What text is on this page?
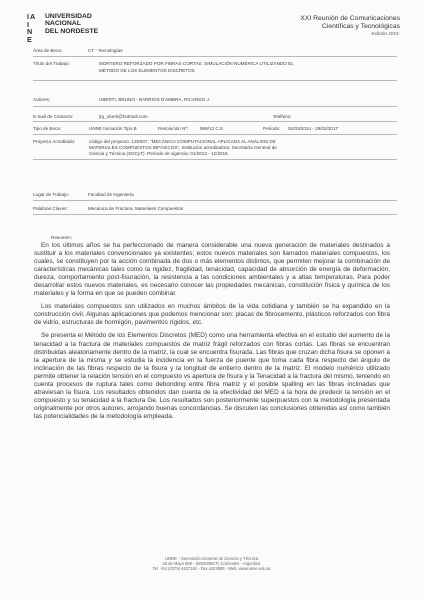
IA
I
N
E
UNIVERSIDAD
NACIONAL
DEL NORDESTE
XXI Reunión de Comunicaciones
Científicas y Tecnológicas
-Edición 2015-
Área de Beca:	CT - Tecnologías
Título del Trabajo:	MORTERO REFORZADO POR FIBRAS CORTAS: SIMULACIÓN NUMÉRICA UTILIZANDO EL
MÉTODO DE LOS ELEMENTOS DISCRETOS
Autores:	UBERTI, BRUNO - BARRIOS D'AMBRA, RICARDO J.
E-mail de Contacto:	jrg_uberti@hotmail.com	Teléfono:
Tipo de Beca:	UNNE Iniciación Tipo B	Resolución Nº:	986/13 C.S	Período: 01/03/2014 - 28/02/2017
Proyecto Acreditado:	código del proyecto: 12D007, "MECÁNICA COMPUTACIONAL APLICADA AL ANÁLISIS DE
MATERIALES COMPUESTOS BIFÁSICOS", Institución acreditadora: Secretaría General de
Ciencia y Técnica (SGCyT). Período de vigencia: 01/2013 - 12/2016.
Lugar de Trabajo:	Facultad de Ingeniería
Palabras Claves:	Mecánica de Fractura, Materiales Compuestos
Resumen:

En los últimos años se ha perfeccionado de manera considerable una nueva generación de materiales destinados a sustituir a los materiales convencionales ya existentes; estos nuevos materiales son llamados materiales compuestos, los cuales, se constituyen por la acción combinada de dos o más elementos distintos, que permiten mejorar la combinación de características mecánicas tales como la rigidez, fragilidad, tenacidad, capacidad de absorción de energía de deformación, dureza, comportamiento post-fisuración, la resistencia a las condiciones ambientales y a altas temperaturas. Para poder desarrollar estos nuevos materiales, es necesario conocer las propiedades mecánicas, constitución física y química de los materiales y la forma en que se pueden combinar.

Los materiales compuestos son utilizados en muchos ámbitos de la vida cotidiana y también se ha expandido en la construcción civil. Algunas aplicaciones que podemos mencionar son: placas de fibrocemento, plásticos reforzados con fibra de vidrio, estructuras de hormigón, pavimentos rígidos, etc.

Se presenta el Método de los Elementos Discretos (MED) como una herramienta efectiva en el estudio del aumento de la tenacidad a la fractura de materiales compuestos de matriz frágil reforzados con fibras cortas. Las fibras se encuentran distribuidas aleatoriamente dentro de la matriz, la cual se encuentra fisurada. Las fibras que cruzan dicha fisura se oponen a la apertura de la misma y se estudia la incidencia en la fuerza de puente que toma cada fibra respecto del ángulo de inclinación de las fibras respecto de la fisura y la longitud de entierro dentro de la matriz. El modelo numérico utilizado permite obtener la relación tensión en el compuesto vs apertura de fisura y la Tenacidad a la fractura del mismo, teniendo en cuenta procesos de ruptura tales como debonding entre fibra matriz y el posible spalling en las fibras inclinadas que atraviesan la fisura. Los resultados obtenidos dan cuenta de la efectividad del MED a la hora de predecir la tensión en el compuesto y su tenacidad a la fractura Ge. Los resultados son posteriormente superpuestos con la metodología presentada originalmente por otros autores, arrojando buenas concordancias. Se discuten las conclusiones obtenidas así como también las potencialidades de la metodología empleada.

UNNE - Secretaría General de Ciencia y Técnica
25 de Mayo 868 - (W3400BCF) Corrientes - Argentina
Tel. +54 (0379) 4427181 - Fax 4423806 - Web: www.unne.edu.ar
